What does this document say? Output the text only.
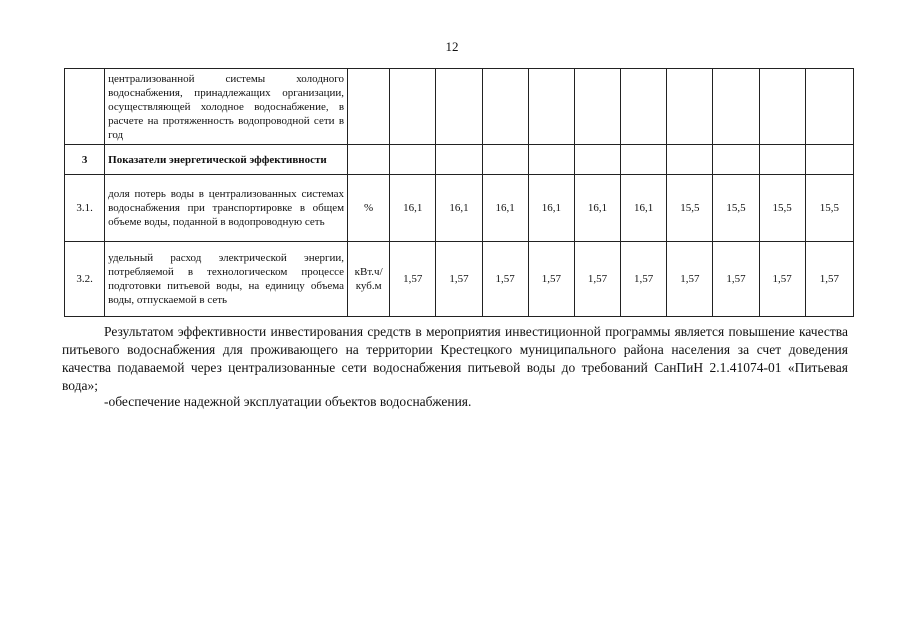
12
	централизованной системы холодного водоснабжения, принадлежащих организации, осуществляющей холодное водоснабжение, в расчете на протяженность водопроводной сети в год											
3	Показатели энергетической эффективности											
3.1.	доля потерь воды в централизованных системах водоснабжения при транспортировке в общем объеме воды, поданной в водопроводную сеть	%	16,1	16,1	16,1	16,1	16,1	16,1	15,5	15,5	15,5	15,5
3.2.	удельный расход электрической энергии, потребляемой в технологическом процессе подготовки питьевой воды, на единицу объема воды, отпускаемой в сеть	кВт.ч/ куб.м	1,57	1,57	1,57	1,57	1,57	1,57	1,57	1,57	1,57	1,57
Результатом эффективности инвестирования средств в мероприятия инвестиционной программы является повышение качества питьевого водоснабжения для проживающего на территории Крестецкого муниципального района населения за счет доведения качества подаваемой через централизованные сети водоснабжения питьевой воды до требований СанПиН 2.1.41074-01 «Питьевая вода»;
-обеспечение надежной эксплуатации объектов водоснабжения.
